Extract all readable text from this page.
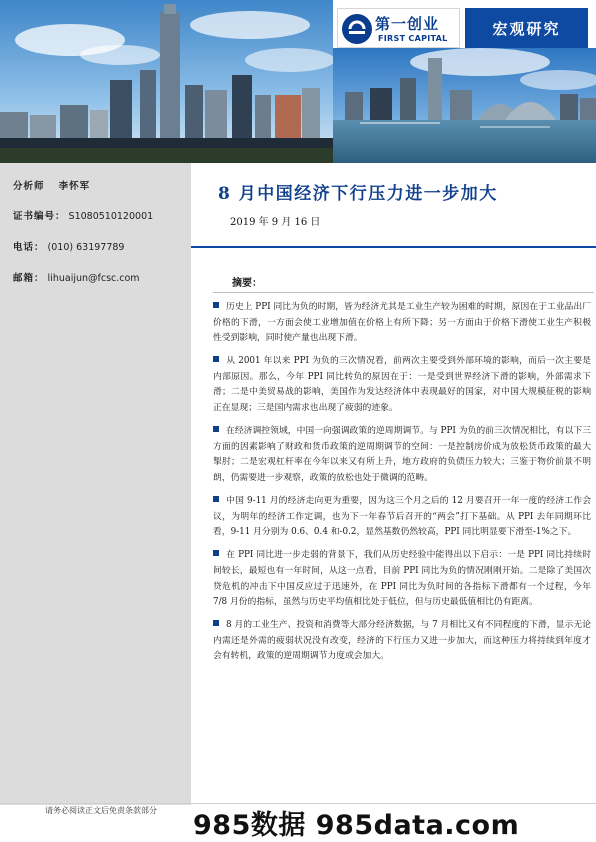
第一创业
FIRST CAPITAL
宏观研究
分析师 李怀军
证书编号： S1080510120001
电话： (010) 63197789
邮箱： lihuaijun@fcsc.com
8 月中国经济下行压力进一步加大
2019 年 9 月 16 日
摘要：

历史上 PPI 同比为负的时期，皆为经济尤其是工业生产较为困难的时期，原因在于工业品出厂价格的下滑，一方面会使工业增加值在价格上有所下降；另一方面由于价格下滑使工业生产积极性受到影响，同时使产量也出现下滑。

从 2001 年以来 PPI 为负的三次情况看，前两次主要受到外部环境的影响，而后一次主要是内部原因。那么，今年 PPI 同比转负的原因在于：一是受到世界经济下滑的影响，外部需求下滑；二是中美贸易战的影响，美国作为发达经济体中表现最好的国家，对中国大规模征税的影响正在显现；三是国内需求也出现了疲弱的迹象。

在经济调控领域，中国一向强调政策的逆周期调节。与 PPI 为负的前三次情况相比，有以下三方面的因素影响了财政和货币政策的逆周期调节的空间：一是控制房价成为放松货币政策的最大掣肘；二是宏观杠杆率在今年以来又有所上升，地方政府的负债压力较大；三鉴于物价前景不明朗，仍需要进一步观察，政策的放松也处于微调的范畴。

中国 9-11 月的经济走向更为重要，因为这三个月之后的 12 月要召开一年一度的经济工作会议，为明年的经济工作定调，也为下一年春节后召开的“两会”打下基础。从 PPI 去年同期环比看，9-11 月分别为 0.6、0.4 和-0.2，显然基数仍然较高，PPI 同比明显要下滑至-1%之下。

在 PPI 同比进一步走弱的背景下，我们从历史经验中能得出以下启示：一是 PPI 同比持续时间较长，最短也有一年时间，从这一点看，目前 PPI 同比为负的情况刚刚开始。二是除了美国次贷危机的冲击下中国反应过于迅速外，在 PPI 同比为负时间的各指标下滑都有一个过程，今年 7/8 月份的指标，虽然与历史平均值相比处于低位，但与历史最低值相比仍有距离。

8 月的工业生产、投资和消费等大部分经济数据，与 7 月相比又有不同程度的下滑，显示无论内需还是外需的疲弱状况没有改变，经济的下行压力又进一步加大，而这种压力将持续到年度才会有转机，政策的逆周期调节力度或会加大。

请务必阅读正文后免责条款部分 985数据 985data.com
